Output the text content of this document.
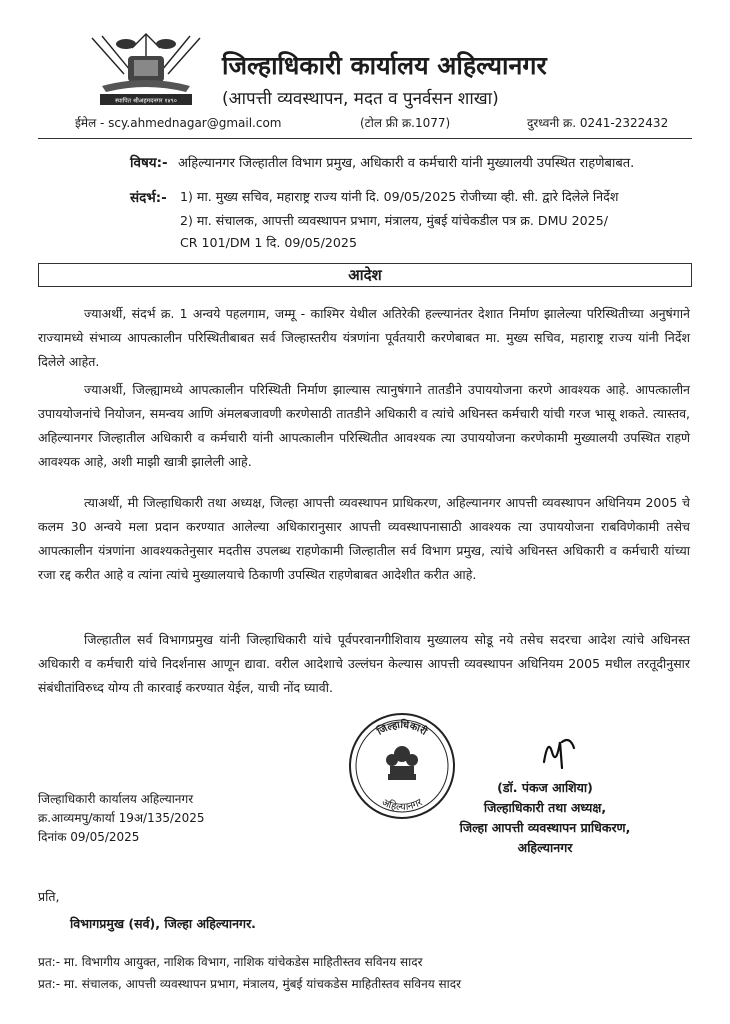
स्थापित श्रीअहमदनगर १४९०
जिल्हाधिकारी कार्यालय अहिल्यानगर
(आपत्ती व्यवस्थापन, मदत व पुनर्वसन शाखा)
ईमेल - scy.ahmednagar@gmail.com	(टोल फ्री क्र.1077)	दुरध्वनी क्र. 0241-2322432
विषय:- अहिल्यानगर जिल्हातील विभाग प्रमुख, अधिकारी व कर्मचारी यांनी मुख्यालयी उपस्थित राहणेबाबत.
संदर्भ:- 1) मा. मुख्य सचिव, महाराष्ट्र राज्य यांनी दि. 09/05/2025 रोजीच्या व्ही. सी. द्वारे दिलेले निर्देश
2) मा. संचालक, आपत्ती व्यवस्थापन प्रभाग, मंत्रालय, मुंबई यांचेकडील पत्र क्र. DMU 2025/
CR 101/DM 1 दि. 09/05/2025
आदेश

ज्याअर्थी, संदर्भ क्र. 1 अन्वये पहलगाम, जम्मू - काश्मिर येथील अतिरेकी हल्ल्यानंतर देशात निर्माण झालेल्या परिस्थितीच्या अनुषंगाने राज्यामध्ये संभाव्य आपत्कालीन परिस्थितीबाबत सर्व जिल्हास्तरीय यंत्रणांना पूर्वतयारी करणेबाबत मा. मुख्य सचिव, महाराष्ट्र राज्य यांनी निर्देश दिलेले आहेत.

ज्याअर्थी, जिल्ह्यामध्ये आपत्कालीन परिस्थिती निर्माण झाल्यास त्यानुषंगाने तातडीने उपाययोजना करणे आवश्यक आहे. आपत्कालीन उपाययोजनांचे नियोजन, समन्वय आणि अंमलबजावणी करणेसाठी तातडीने अधिकारी व त्यांचे अधिनस्त कर्मचारी यांची गरज भासू शकते. त्यास्तव, अहिल्यानगर जिल्हातील अधिकारी व कर्मचारी यांनी आपत्कालीन परिस्थितीत आवश्यक त्या उपाययोजना करणेकामी मुख्यालयी उपस्थित राहणे आवश्यक आहे, अशी माझी खात्री झालेली आहे.

त्याअर्थी, मी जिल्हाधिकारी तथा अध्यक्ष, जिल्हा आपत्ती व्यवस्थापन प्राधिकरण, अहिल्यानगर आपत्ती व्यवस्थापन अधिनियम 2005 चे कलम 30 अन्वये मला प्रदान करण्यात आलेल्या अधिकारानुसार आपत्ती व्यवस्थापनासाठी आवश्यक त्या उपाययोजना राबविणेकामी तसेच आपत्कालीन यंत्रणांना आवश्यकतेनुसार मदतीस उपलब्ध राहणेकामी जिल्हातील सर्व विभाग प्रमुख, त्यांचे अधिनस्त अधिकारी व कर्मचारी यांच्या रजा रद्द करीत आहे व त्यांना त्यांचे मुख्यालयाचे ठिकाणी उपस्थित राहणेबाबत आदेशीत करीत आहे.

जिल्हातील सर्व विभागप्रमुख यांनी जिल्हाधिकारी यांचे पूर्वपरवानगीशिवाय मुख्यालय सोडू नये तसेच सदरचा आदेश त्यांचे अधिनस्त अधिकारी व कर्मचारी यांचे निदर्शनास आणून द्यावा. वरील आदेशाचे उल्लंघन केल्यास आपत्ती व्यवस्थापन अधिनियम 2005 मधील तरतूदीनुसार संबंधीतांविरुध्द योग्य ती कारवाई करण्यात येईल, याची नोंद घ्यावी.

जिल्हाधिकारी
अहिल्यानगर
(डॉ. पंकज आशिया)
जिल्हाधिकारी तथा अध्यक्ष,
जिल्हा आपत्ती व्यवस्थापन प्राधिकरण,
अहिल्यानगर
जिल्हाधिकारी कार्यालय अहिल्यानगर
क्र.आव्यमपु/कार्या 19अ/135/2025
दिनांक 09/05/2025
प्रति,
विभागप्रमुख (सर्व), जिल्हा अहिल्यानगर.
प्रत:- मा. विभागीय आयुक्त, नाशिक विभाग, नाशिक यांचेकडेस माहितीस्तव सविनय सादर
प्रत:- मा. संचालक, आपत्ती व्यवस्थापन प्रभाग, मंत्रालय, मुंबई यांचकडेस माहितीस्तव सविनय सादर
